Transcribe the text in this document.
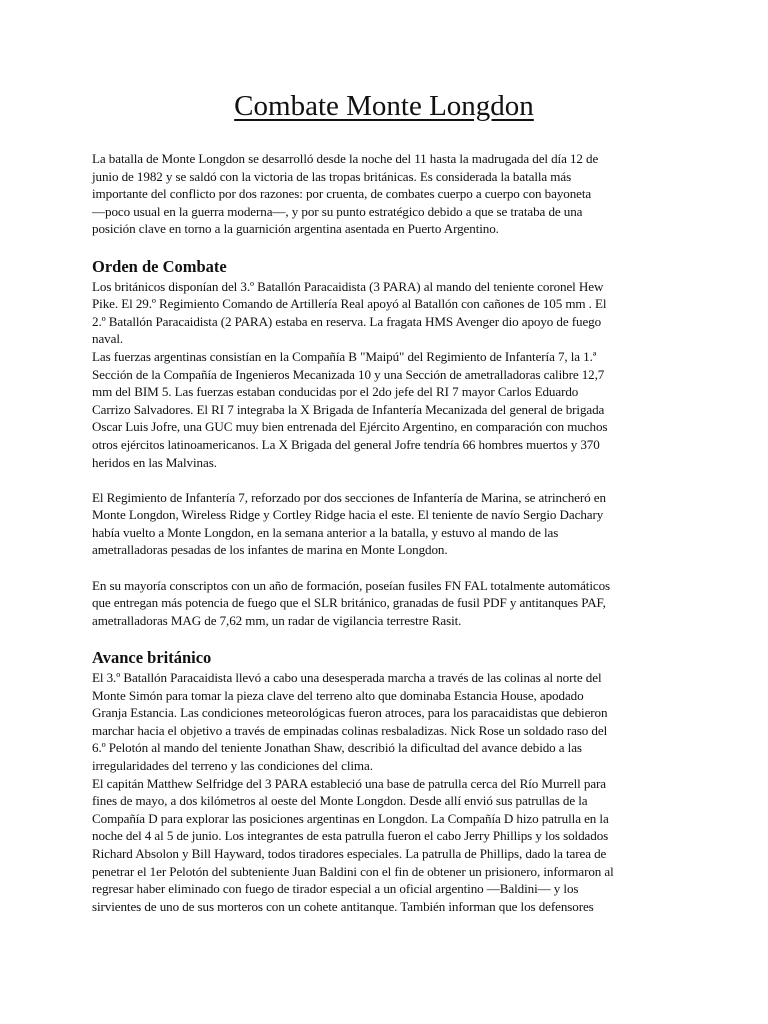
Combate Monte Longdon
La batalla de Monte Longdon se desarrolló desde la noche del 11 hasta la madrugada del día 12 de
junio de 1982 y se saldó con la victoria de las tropas británicas. Es considerada la batalla más
importante del conflicto por dos razones: por cruenta, de combates cuerpo a cuerpo con bayoneta
—poco usual en la guerra moderna—, y por su punto estratégico debido a que se trataba de una
posición clave en torno a la guarnición argentina asentada en Puerto Argentino.
Orden de Combate
Los británicos disponían del 3.º Batallón Paracaidista (3 PARA) al mando del teniente coronel Hew
Pike. El 29.º Regimiento Comando de Artillería Real apoyó al Batallón con cañones de 105 mm . El
2.º Batallón Paracaidista (2 PARA) estaba en reserva. La fragata HMS Avenger dio apoyo de fuego
naval.
Las fuerzas argentinas consistían en la Compañía B "Maipú" del Regimiento de Infantería 7, la 1.ª
Sección de la Compañía de Ingenieros Mecanizada 10 y una Sección de ametralladoras calibre 12,7
mm del BIM 5. Las fuerzas estaban conducidas por el 2do jefe del RI 7 mayor Carlos Eduardo
Carrizo Salvadores. El RI 7 integraba la X Brigada de Infantería Mecanizada del general de brigada
Oscar Luis Jofre, una GUC muy bien entrenada del Ejército Argentino, en comparación con muchos
otros ejércitos latinoamericanos. La X Brigada del general Jofre tendría 66 hombres muertos y 370
heridos en las Malvinas.
El Regimiento de Infantería 7, reforzado por dos secciones de Infantería de Marina, se atrincheró en
Monte Longdon, Wireless Ridge y Cortley Ridge hacia el este. El teniente de navío Sergio Dachary
había vuelto a Monte Longdon, en la semana anterior a la batalla, y estuvo al mando de las
ametralladoras pesadas de los infantes de marina en Monte Longdon.
En su mayoría conscriptos con un año de formación, poseían fusiles FN FAL totalmente automáticos
que entregan más potencia de fuego que el SLR británico, granadas de fusil PDF y antitanques PAF,
ametralladoras MAG de 7,62 mm, un radar de vigilancia terrestre Rasit.
Avance británico
El 3.º Batallón Paracaidista llevó a cabo una desesperada marcha a través de las colinas al norte del
Monte Simón para tomar la pieza clave del terreno alto que dominaba Estancia House, apodado
Granja Estancia. Las condiciones meteorológicas fueron atroces, para los paracaidistas que debieron
marchar hacia el objetivo a través de empinadas colinas resbaladizas. Nick Rose un soldado raso del
6.º Pelotón al mando del teniente Jonathan Shaw, describió la dificultad del avance debido a las
irregularidades del terreno y las condiciones del clima.
El capitán Matthew Selfridge del 3 PARA estableció una base de patrulla cerca del Río Murrell para
fines de mayo, a dos kilómetros al oeste del Monte Longdon. Desde allí envió sus patrullas de la
Compañía D para explorar las posiciones argentinas en Longdon. La Compañía D hizo patrulla en la
noche del 4 al 5 de junio. Los integrantes de esta patrulla fueron el cabo Jerry Phillips y los soldados
Richard Absolon y Bill Hayward, todos tiradores especiales. La patrulla de Phillips, dado la tarea de
penetrar el 1er Pelotón del subteniente Juan Baldini con el fin de obtener un prisionero, informaron al
regresar haber eliminado con fuego de tirador especial a un oficial argentino —Baldini— y los
sirvientes de uno de sus morteros con un cohete antitanque. También informan que los defensores
